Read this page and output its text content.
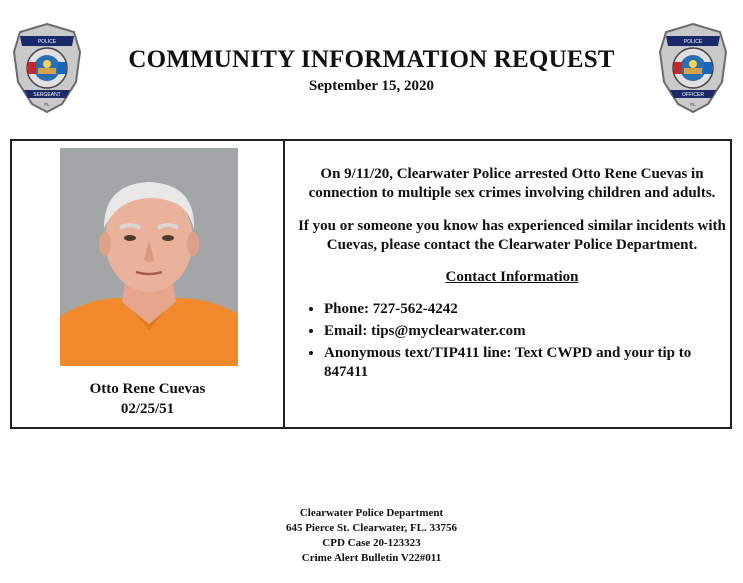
POLICE
SERGEANT
FL
POLICE
OFFICER
FL
COMMUNITY INFORMATION REQUEST
September 15, 2020
Otto Rene Cuevas
02/25/51

On 9/11/20, Clearwater Police arrested Otto Rene Cuevas in connection to multiple sex crimes involving children and adults.

If you or someone you know has experienced similar incidents with Cuevas, please contact the Clearwater Police Department.

Contact Information
• Phone: 727-562-4242
• Email: tips@myclearwater.com
• Anonymous text/TIP411 line: Text CWPD and your tip to 847411
Clearwater Police Department
645 Pierce St. Clearwater, FL. 33756
CPD Case 20-123323
Crime Alert Bulletin V22#011
